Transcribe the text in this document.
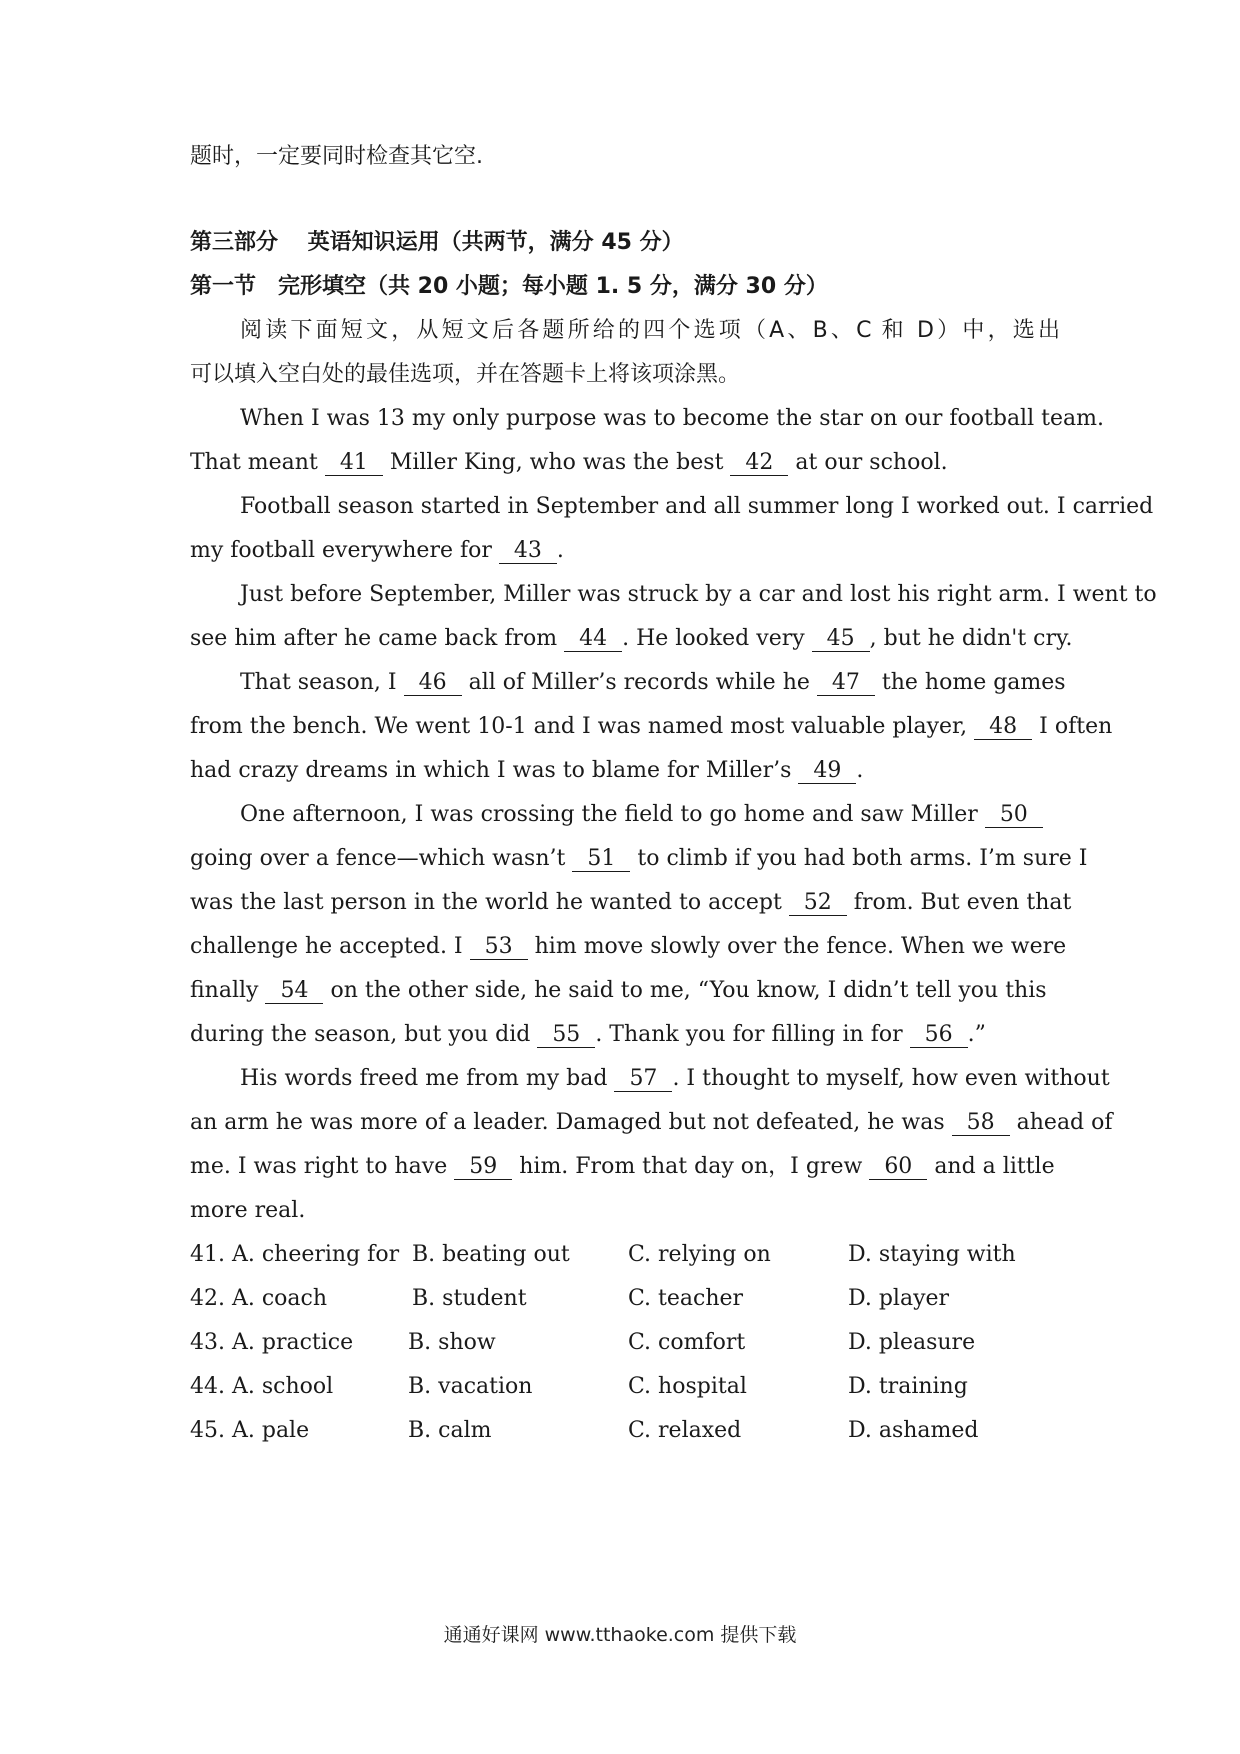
题时，一定要同时检查其它空.
第三部分　 英语知识运用（共两节，满分 45 分）
第一节　完形填空（共 20 小题；每小题 1. 5 分，满分 30 分）
阅读下面短文，从短文后各题所给的四个选项（A、B、C 和 D）中，选出
可以填入空白处的最佳选项，并在答题卡上将该项涂黑。
When I was 13 my only purpose was to become the star on our football team.
That meant 41 Miller King, who was the best 42 at our school.
Football season started in September and all summer long I worked out. I carried
my football everywhere for 43 .
Just before September, Miller was struck by a car and lost his right arm. I went to
see him after he came back from 44 . He looked very 45 , but he didn't cry.
That season, I 46 all of Miller’s records while he 47 the home games
from the bench. We went 10-1 and I was named most valuable player, 48 I often
had crazy dreams in which I was to blame for Miller’s 49 .
One afternoon, I was crossing the field to go home and saw Miller 50
going over a fence—which wasn’t 51 to climb if you had both arms. I’m sure I
was the last person in the world he wanted to accept 52 from. But even that
challenge he accepted. I 53 him move slowly over the fence. When we were
finally 54 on the other side, he said to me, “You know, I didn’t tell you this
during the season, but you did 55 . Thank you for filling in for 56 .”
His words freed me from my bad 57 . I thought to myself, how even without
an arm he was more of a leader. Damaged but not defeated, he was 58 ahead of
me. I was right to have 59 him. From that day on，I grew 60 and a little
more real.
41. A. cheering for B. beating out	C. relying on	D. staying with
42. A. coach	B. student	C. teacher	D. player
43. A. practice B. show	C. comfort	D. pleasure
44. A. school	B. vacation	C. hospital	D. training
45. A. pale	B. calm	C. relaxed	D. ashamed
通通好课网 www.tthaoke.com 提供下载
